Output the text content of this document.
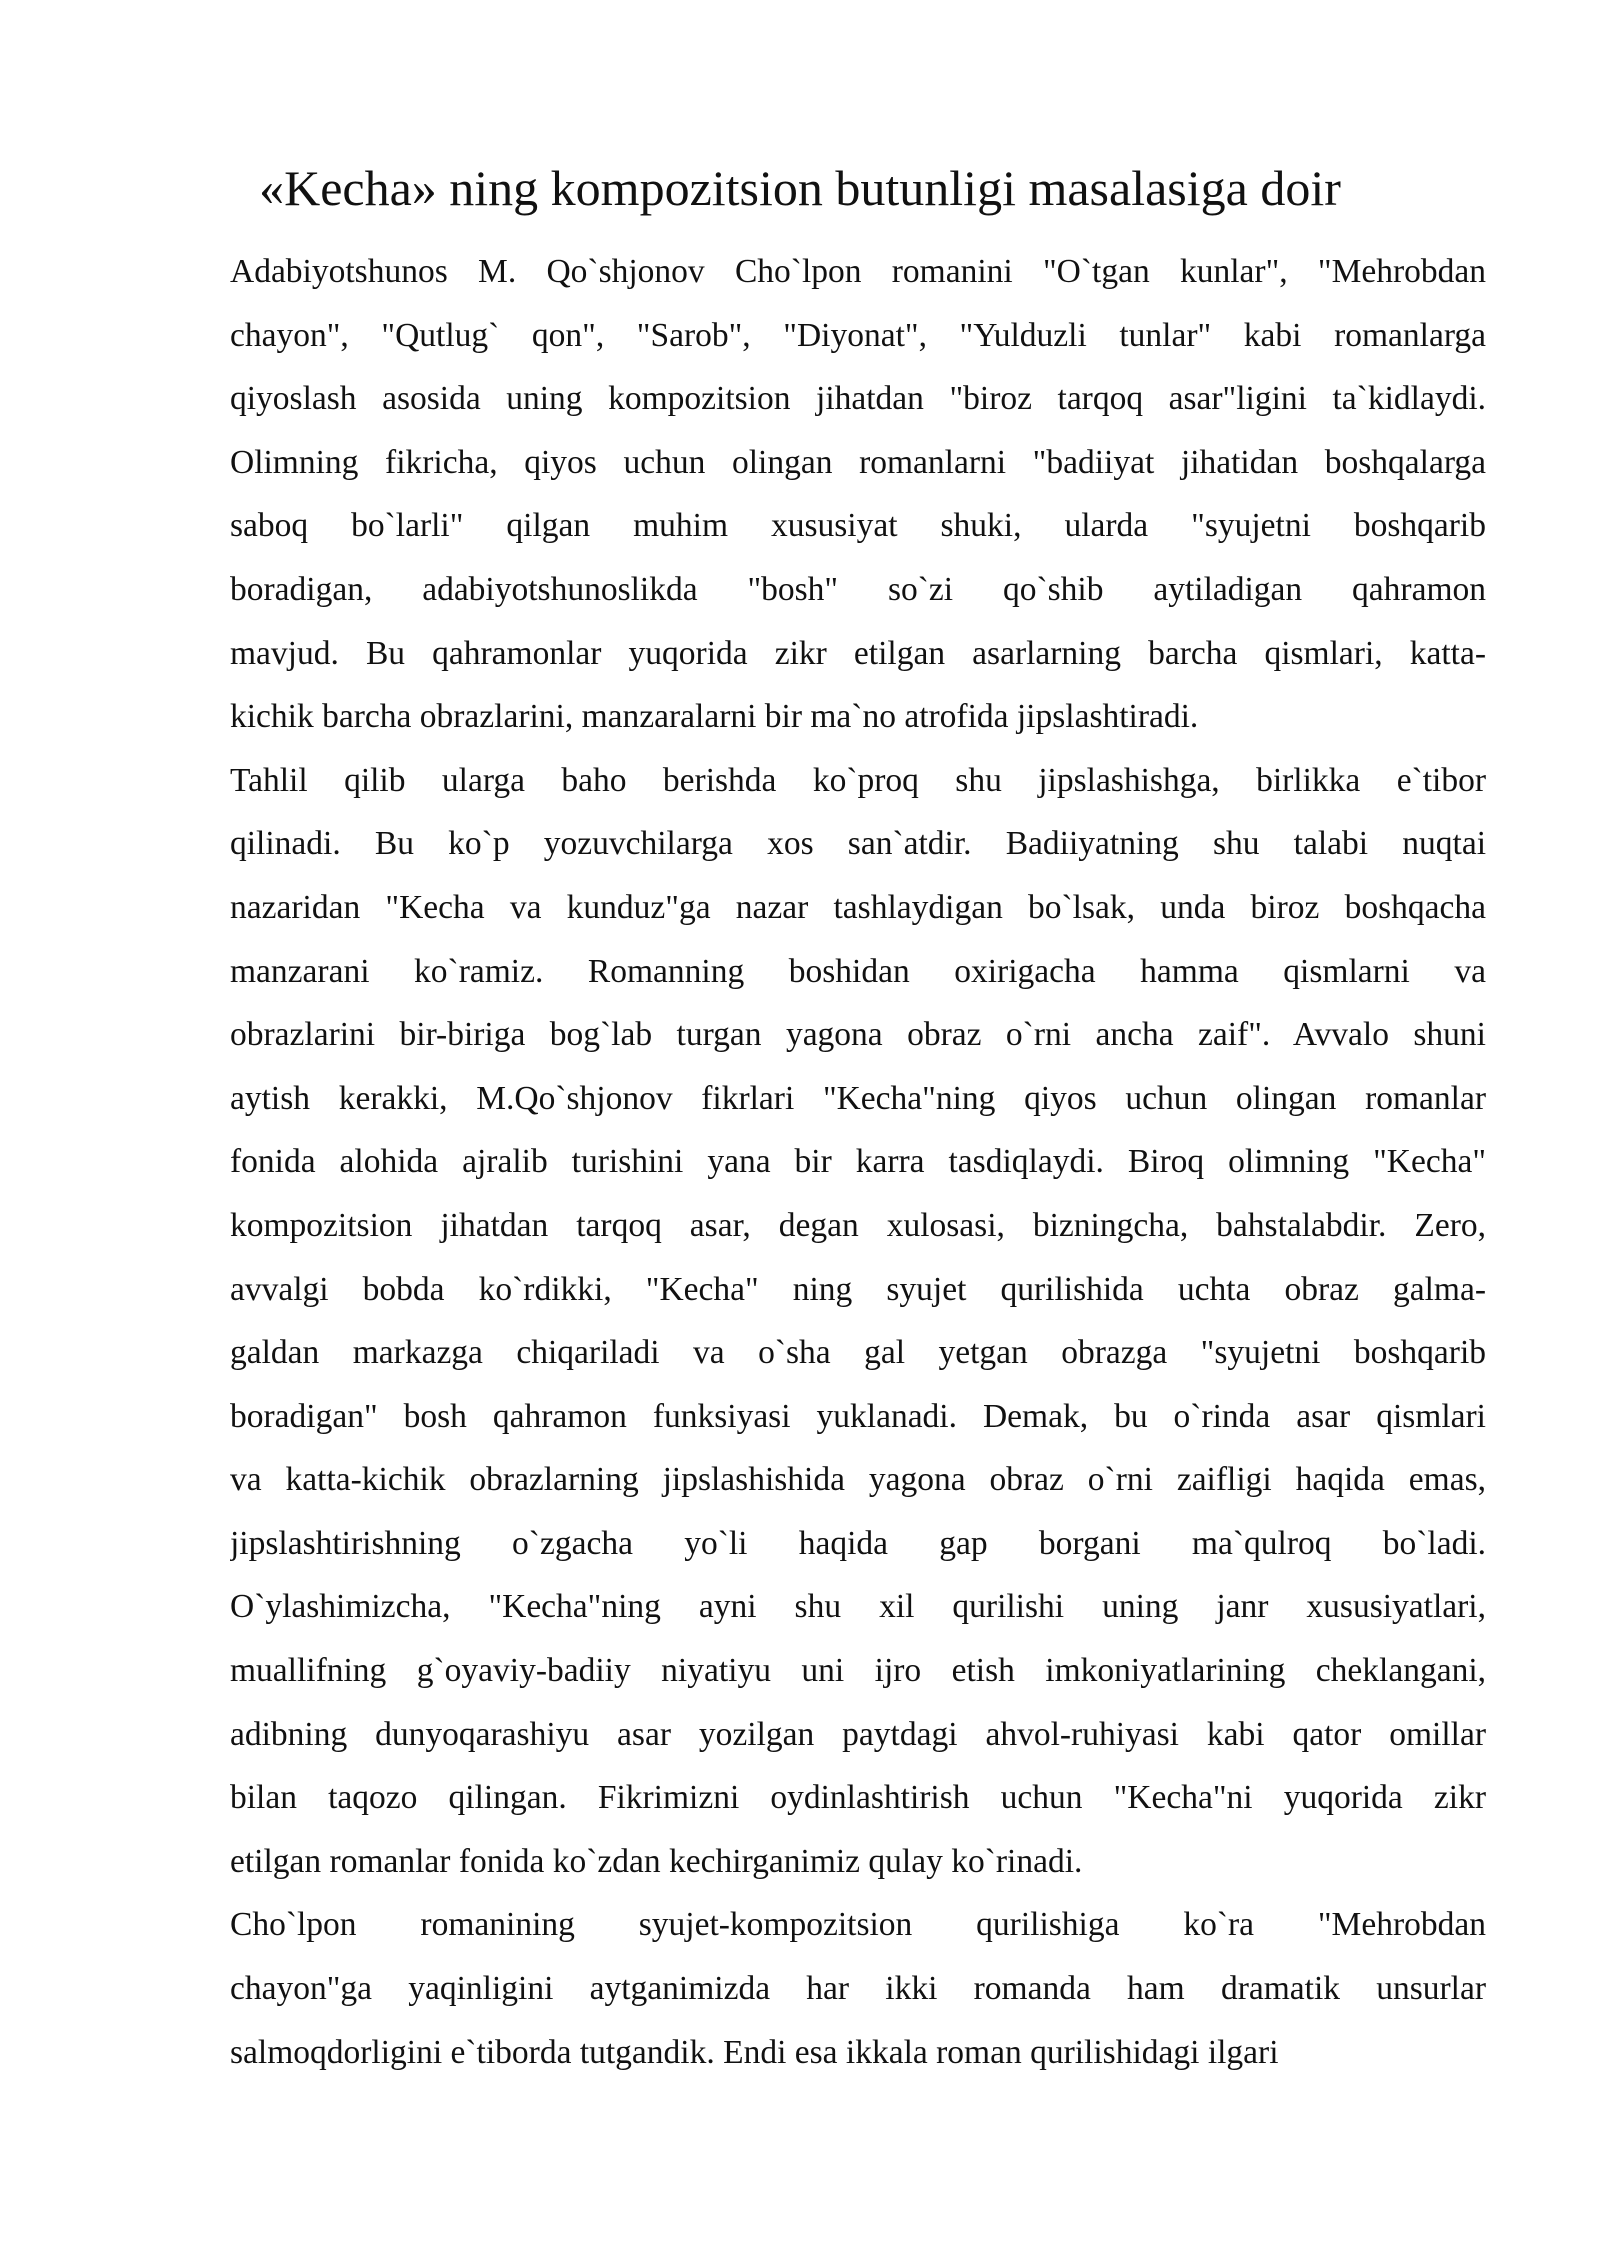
«Kecha» ning kompozitsion butunligi masalasiga doir

Adabiyotshunos M. Qo`shjonov Cho`lpon romanini "O`tgan kunlar", "Mehrobdan
chayon", "Qutlug` qon", "Sarob", "Diyonat", "Yulduzli tunlar" kabi romanlarga
qiyoslash asosida uning kompozitsion jihatdan "biroz tarqoq asar"ligini ta`kidlaydi.
Olimning fikricha, qiyos uchun olingan romanlarni "badiiyat jihatidan boshqalarga
saboq bo`larli" qilgan muhim xususiyat shuki, ularda "syujetni boshqarib
boradigan, adabiyotshunoslikda "bosh" so`zi qo`shib aytiladigan qahramon
mavjud. Bu qahramonlar yuqorida zikr etilgan asarlarning barcha qismlari, katta-
kichik barcha obrazlarini, manzaralarni bir ma`no atrofida jipslashtiradi.

Tahlil qilib ularga baho berishda ko`proq shu jipslashishga, birlikka e`tibor
qilinadi. Bu ko`p yozuvchilarga xos san`atdir. Badiiyatning shu talabi nuqtai
nazaridan "Kecha va kunduz"ga nazar tashlaydigan bo`lsak, unda biroz boshqacha
manzarani ko`ramiz. Romanning boshidan oxirigacha hamma qismlarni va
obrazlarini bir-biriga bog`lab turgan yagona obraz o`rni ancha zaif". Avvalo shuni
aytish kerakki, M.Qo`shjonov fikrlari "Kecha"ning qiyos uchun olingan romanlar
fonida alohida ajralib turishini yana bir karra tasdiqlaydi. Biroq olimning "Kecha"
kompozitsion jihatdan tarqoq asar, degan xulosasi, bizningcha, bahstalabdir. Zero,
avvalgi bobda ko`rdikki, "Kecha" ning syujet qurilishida uchta obraz galma-
galdan markazga chiqariladi va o`sha gal yetgan obrazga "syujetni boshqarib
boradigan" bosh qahramon funksiyasi yuklanadi. Demak, bu o`rinda asar qismlari
va katta-kichik obrazlarning jipslashishida yagona obraz o`rni zaifligi haqida emas,
jipslashtirishning o`zgacha yo`li haqida gap borgani ma`qulroq bo`ladi.
O`ylashimizcha, "Kecha"ning ayni shu xil qurilishi uning janr xususiyatlari,
muallifning g`oyaviy-badiiy niyatiyu uni ijro etish imkoniyatlarining cheklangani,
adibning dunyoqarashiyu asar yozilgan paytdagi ahvol-ruhiyasi kabi qator omillar
bilan taqozo qilingan. Fikrimizni oydinlashtirish uchun "Kecha"ni yuqorida zikr
etilgan romanlar fonida ko`zdan kechirganimiz qulay ko`rinadi.

Cho`lpon romanining syujet-kompozitsion qurilishiga ko`ra "Mehrobdan
chayon"ga yaqinligini aytganimizda har ikki romanda ham dramatik unsurlar
salmoqdorligini e`tiborda tutgandik. Endi esa ikkala roman qurilishidagi ilgari
